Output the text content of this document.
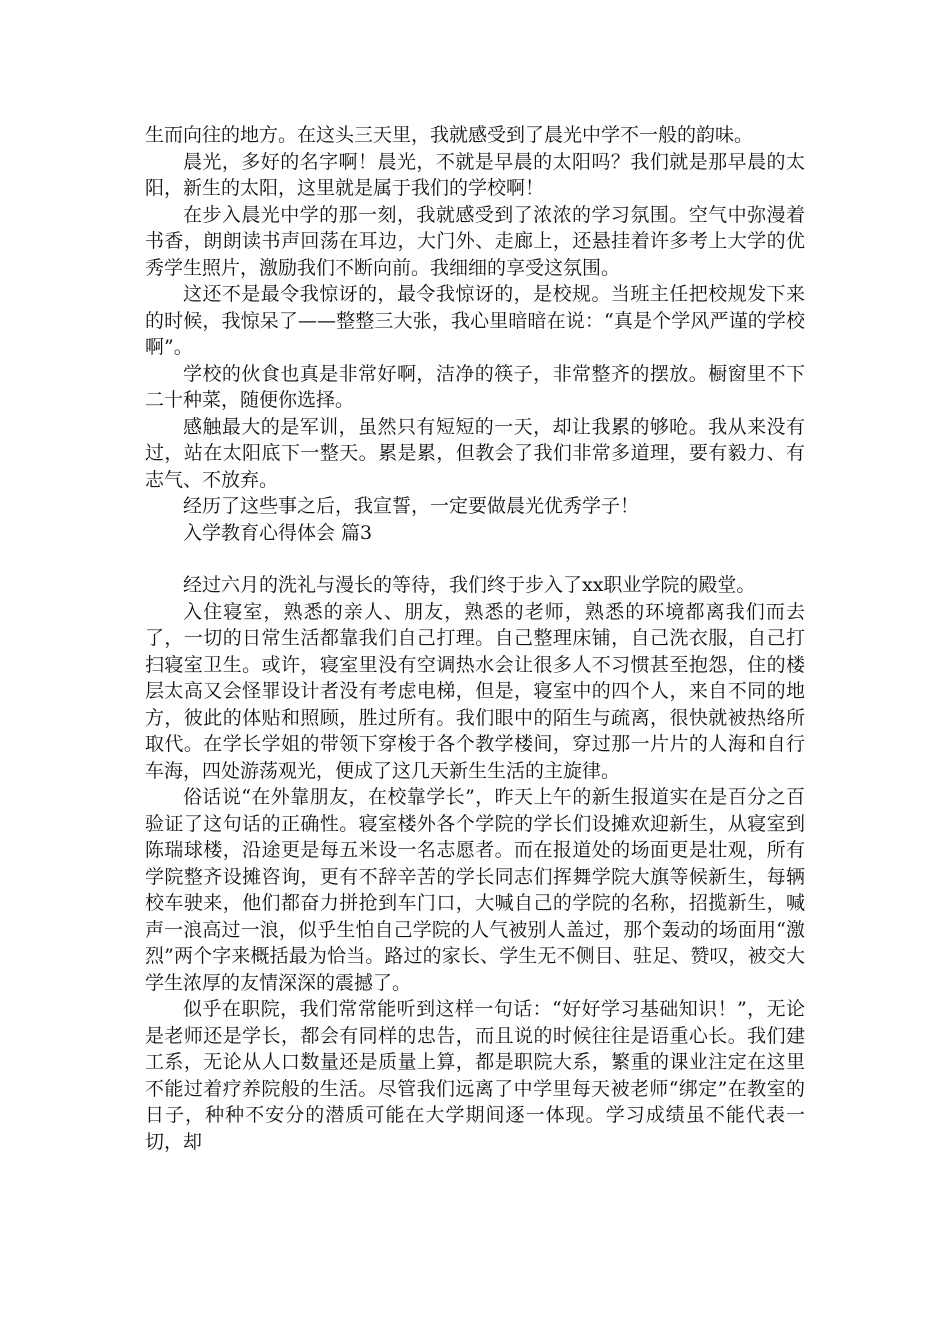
生而向往的地方。在这头三天里，我就感受到了晨光中学不一般的韵味。

晨光，多好的名字啊！晨光，不就是早晨的太阳吗？我们就是那早晨的太阳，新生的太阳，这里就是属于我们的学校啊！

在步入晨光中学的那一刻，我就感受到了浓浓的学习氛围。空气中弥漫着书香，朗朗读书声回荡在耳边，大门外、走廊上，还悬挂着许多考上大学的优秀学生照片，激励我们不断向前。我细细的享受这氛围。

这还不是最令我惊讶的，最令我惊讶的，是校规。当班主任把校规发下来的时候，我惊呆了——整整三大张，我心里暗暗在说：“真是个学风严谨的学校啊”。

学校的伙食也真是非常好啊，洁净的筷子，非常整齐的摆放。橱窗里不下二十种菜，随便你选择。

感触最大的是军训，虽然只有短短的一天，却让我累的够呛。我从来没有过，站在太阳底下一整天。累是累，但教会了我们非常多道理，要有毅力、有志气、不放弃。

经历了这些事之后，我宣誓，一定要做晨光优秀学子！

入学教育心得体会 篇3

经过六月的洗礼与漫长的等待，我们终于步入了xx职业学院的殿堂。

入住寝室，熟悉的亲人、朋友，熟悉的老师，熟悉的环境都离我们而去了，一切的日常生活都靠我们自己打理。自己整理床铺，自己洗衣服，自己打扫寝室卫生。或许，寝室里没有空调热水会让很多人不习惯甚至抱怨，住的楼层太高又会怪罪设计者没有考虑电梯，但是，寝室中的四个人，来自不同的地方，彼此的体贴和照顾，胜过所有。我们眼中的陌生与疏离，很快就被热络所取代。在学长学姐的带领下穿梭于各个教学楼间，穿过那一片片的人海和自行车海，四处游荡观光，便成了这几天新生生活的主旋律。

俗话说“在外靠朋友，在校靠学长”，昨天上午的新生报道实在是百分之百验证了这句话的正确性。寝室楼外各个学院的学长们设摊欢迎新生，从寝室到陈瑞球楼，沿途更是每五米设一名志愿者。而在报道处的场面更是壮观，所有学院整齐设摊咨询，更有不辞辛苦的学长同志们挥舞学院大旗等候新生，每辆校车驶来，他们都奋力拼抢到车门口，大喊自己的学院的名称，招揽新生，喊声一浪高过一浪，似乎生怕自己学院的人气被别人盖过，那个轰动的场面用“激烈”两个字来概括最为恰当。路过的家长、学生无不侧目、驻足、赞叹，被交大学生浓厚的友情深深的震撼了。

似乎在职院，我们常常能听到这样一句话：“好好学习基础知识！”，无论是老师还是学长，都会有同样的忠告，而且说的时候往往是语重心长。我们建工系，无论从人口数量还是质量上算，都是职院大系，繁重的课业注定在这里不能过着疗养院般的生活。尽管我们远离了中学里每天被老师“绑定”在教室的日子，种种不安分的潜质可能在大学期间逐一体现。学习成绩虽不能代表一切，却
